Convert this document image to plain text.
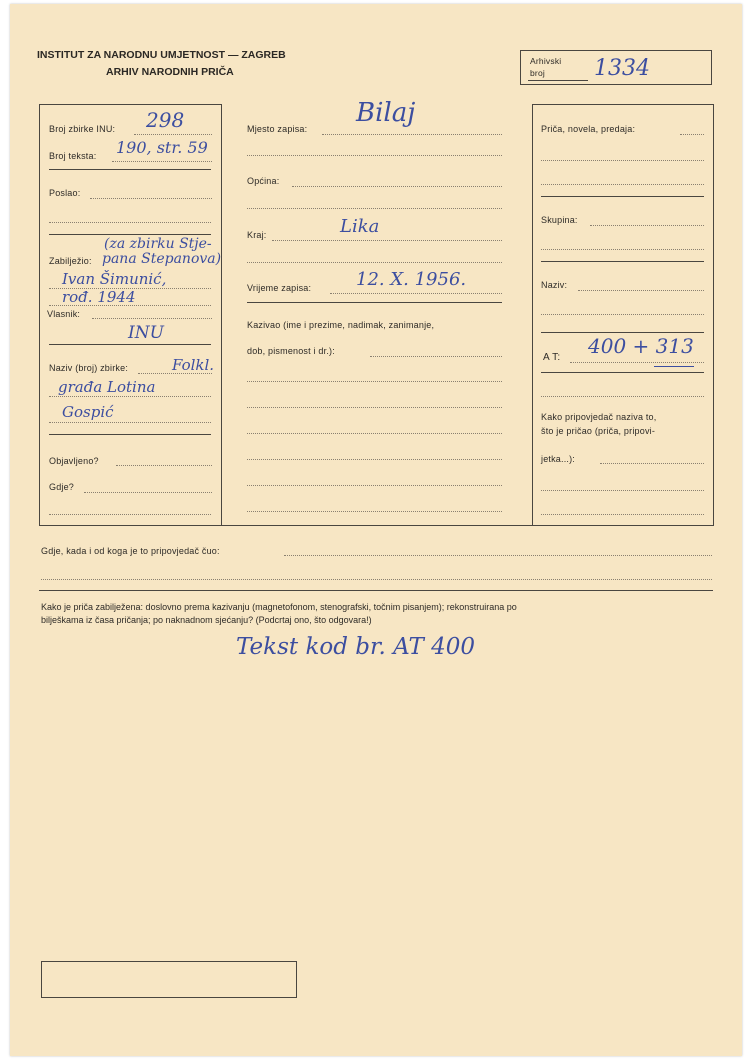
INSTITUT ZA NARODNU UMJETNOST — ZAGREB
ARHIV NARODNIH PRIČA
Arhivski
broj 1334
Broj zbirke INU: 298
Broj teksta: 190, str. 59
Poslao:
(za zbirku Stje-
Zabilježio: pana Stepanova)
Ivan Šimunić,
rođ. 1944
Vlasnik:
INU
Naziv (broj) zbirke:	Folkl.
građa Lotina
Gospić
Objavljeno?
Gdje?
Mjesto zapisa:
Bilaj
Općina:
Kraj:	Lika
Vrijeme zapisa: 12. X. 1956.
Kazivao (ime i prezime, nadimak, zanimanje,
dob, pismenost i dr.):
Priča, novela, predaja:
Skupina:
Naziv:
A T: 400 + 313
Kako pripovjedač naziva to,
što je pričao (priča, pripovi-
jetka...):
Gdje, kada i od koga je to pripovjedač čuo:
Kako je priča zabilježena: doslovno prema kazivanju (magnetofonom, stenografski, točnim pisanjem); rekonstruirana po
bilješkama iz časa pričanja; po naknadnom sjećanju? (Podcrtaj ono, što odgovara!)
Tekst kod br. AT 400
